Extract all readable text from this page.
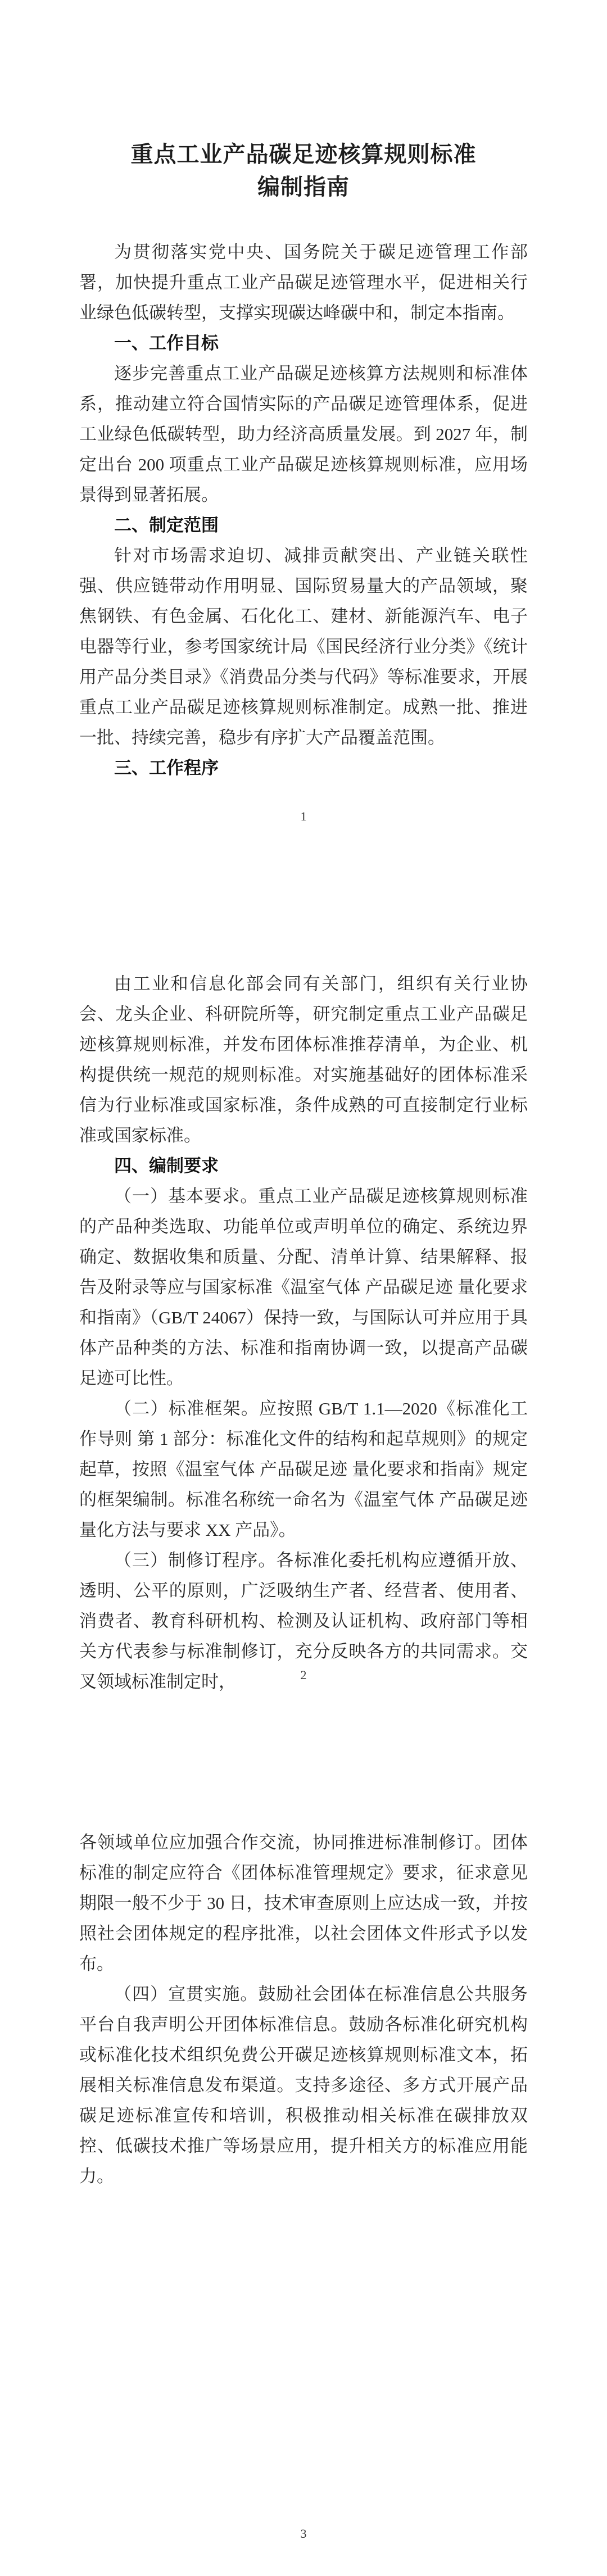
重点工业产品碳足迹核算规则标准
编制指南

为贯彻落实党中央、国务院关于碳足迹管理工作部署，加快提升重点工业产品碳足迹管理水平，促进相关行业绿色低碳转型，支撑实现碳达峰碳中和，制定本指南。

一、工作目标

逐步完善重点工业产品碳足迹核算方法规则和标准体系，推动建立符合国情实际的产品碳足迹管理体系，促进工业绿色低碳转型，助力经济高质量发展。到 2027 年，制定出台 200 项重点工业产品碳足迹核算规则标准，应用场景得到显著拓展。

二、制定范围

针对市场需求迫切、减排贡献突出、产业链关联性强、供应链带动作用明显、国际贸易量大的产品领域，聚焦钢铁、有色金属、石化化工、建材、新能源汽车、电子电器等行业，参考国家统计局《国民经济行业分类》《统计用产品分类目录》《消费品分类与代码》等标准要求，开展重点工业产品碳足迹核算规则标准制定。成熟一批、推进一批、持续完善，稳步有序扩大产品覆盖范围。

三、工作程序

1

由工业和信息化部会同有关部门，组织有关行业协会、龙头企业、科研院所等，研究制定重点工业产品碳足迹核算规则标准，并发布团体标准推荐清单，为企业、机构提供统一规范的规则标准。对实施基础好的团体标准采信为行业标准或国家标准，条件成熟的可直接制定行业标准或国家标准。

四、编制要求

（一）基本要求。重点工业产品碳足迹核算规则标准的产品种类选取、功能单位或声明单位的确定、系统边界确定、数据收集和质量、分配、清单计算、结果解释、报告及附录等应与国家标准《温室气体 产品碳足迹 量化要求和指南》（GB/T 24067）保持一致，与国际认可并应用于具体产品种类的方法、标准和指南协调一致，以提高产品碳足迹可比性。

（二）标准框架。应按照 GB/T 1.1—2020《标准化工作导则 第 1 部分：标准化文件的结构和起草规则》的规定起草，按照《温室气体 产品碳足迹 量化要求和指南》规定的框架编制。标准名称统一命名为《温室气体 产品碳足迹 量化方法与要求 XX 产品》。

（三）制修订程序。各标准化委托机构应遵循开放、透明、公平的原则，广泛吸纳生产者、经营者、使用者、消费者、教育科研机构、检测及认证机构、政府部门等相关方代表参与标准制修订，充分反映各方的共同需求。交叉领域标准制定时，	2

各领域单位应加强合作交流，协同推进标准制修订。团体标准的制定应符合《团体标准管理规定》要求，征求意见期限一般不少于 30 日，技术审查原则上应达成一致，并按照社会团体规定的程序批准，以社会团体文件形式予以发布。

（四）宣贯实施。鼓励社会团体在标准信息公共服务平台自我声明公开团体标准信息。鼓励各标准化研究机构或标准化技术组织免费公开碳足迹核算规则标准文本，拓展相关标准信息发布渠道。支持多途径、多方式开展产品碳足迹标准宣传和培训，积极推动相关标准在碳排放双控、低碳技术推广等场景应用，提升相关方的标准应用能力。

3
